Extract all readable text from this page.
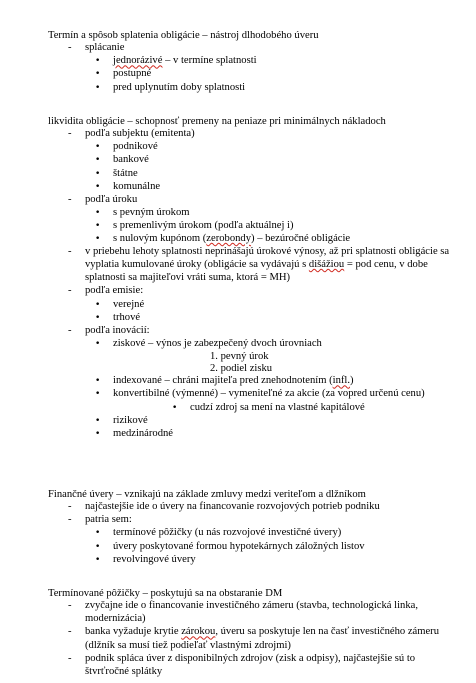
Termín a spôsob splatenia obligácie – nástroj dlhodobého úveru
- splácanie
• jednorázivé – v termíne splatnosti
• postupné
• pred uplynutím doby splatnosti
likvidita obligácie – schopnosť premeny na peniaze pri minimálnych nákladoch
- podľa subjektu (emitenta)
• podnikové
• bankové
• štátne
• komunálne
- podľa úroku
• s pevným úrokom
• s premenlivým úrokom (podľa aktuálnej i)
• s nulovým kupónom (zerobondy) – bezúročné obligácie
- v priebehu lehoty splatnosti neprinášajú úrokové výnosy, až pri splatnosti obligácie sa
vyplatia kumulované úroky (obligácie sa vydávajú s dišážiou = pod cenu, v dobe
splatnosti sa majiteľovi vráti suma, ktorá = MH)
- podľa emisie:
• verejné
• trhové
- podľa inovácií:
• ziskové – výnos je zabezpečený dvoch úrovniach
1. pevný úrok
2. podiel zisku
• indexované – chráni majiteľa pred znehodnotením (infl.)
• konvertibilné (výmenné) – vymeniteľné za akcie (za vopred určenú cenu)
• cudzí zdroj sa mení na vlastné kapitálové
• rizikové
• medzinárodné
Finančné úvery – vznikajú na základe zmluvy medzi veriteľom a dlžníkom
- najčastejšie ide o úvery na financovanie rozvojových potrieb podniku
- patria sem:
• termínové pôžičky (u nás rozvojové investičné úvery)
• úvery poskytované formou hypotekárnych záložných listov
• revolvingové úvery
Termínované pôžičky – poskytujú sa na obstaranie DM
- zvyčajne ide o financovanie investičného zámeru (stavba, technologická linka,
modernizácia)
- banka vyžaduje krytie zárokou, úveru sa poskytuje len na časť investičného zámeru
(dlžník sa musí tiež podieľať vlastnými zdrojmi)
- podnik spláca úver z disponibilných zdrojov (zisk a odpisy), najčastejšie sú to
štvrťročné splátky
